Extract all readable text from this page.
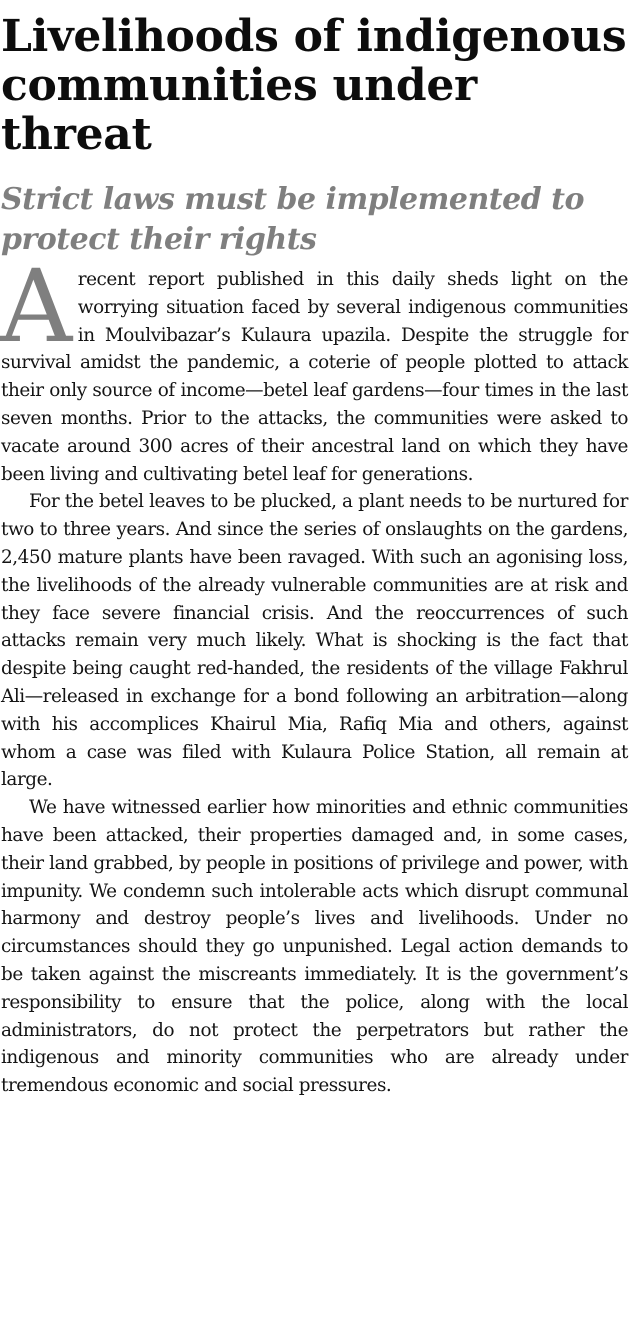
Livelihoods of indigenous communities under threat
Strict laws must be implemented to protect their rights

A recent report published in this daily sheds light on the worrying situation faced by several indigenous communities in Moulvibazar’s Kulaura upazila. Despite the struggle for survival amidst the pandemic, a coterie of people plotted to attack their only source of income—betel leaf gardens—four times in the last seven months. Prior to the attacks, the communities were asked to vacate around 300 acres of their ancestral land on which they have been living and cultivating betel leaf for generations.

For the betel leaves to be plucked, a plant needs to be nurtured for two to three years. And since the series of onslaughts on the gardens, 2,450 mature plants have been ravaged. With such an agonising loss, the livelihoods of the already vulnerable communities are at risk and they face severe financial crisis. And the reoccurrences of such attacks remain very much likely. What is shocking is the fact that despite being caught red-handed, the residents of the village Fakhrul Ali—released in exchange for a bond following an arbitration—along with his accomplices Khairul Mia, Rafiq Mia and others, against whom a case was filed with Kulaura Police Station, all remain at large.

We have witnessed earlier how minorities and ethnic communities have been attacked, their properties damaged and, in some cases, their land grabbed, by people in positions of privilege and power, with impunity. We condemn such intolerable acts which disrupt communal harmony and destroy people’s lives and livelihoods. Under no circumstances should they go unpunished. Legal action demands to be taken against the miscreants immediately. It is the government’s responsibility to ensure that the police, along with the local administrators, do not protect the perpetrators but rather the indigenous and minority communities who are already under tremendous economic and social pressures.
